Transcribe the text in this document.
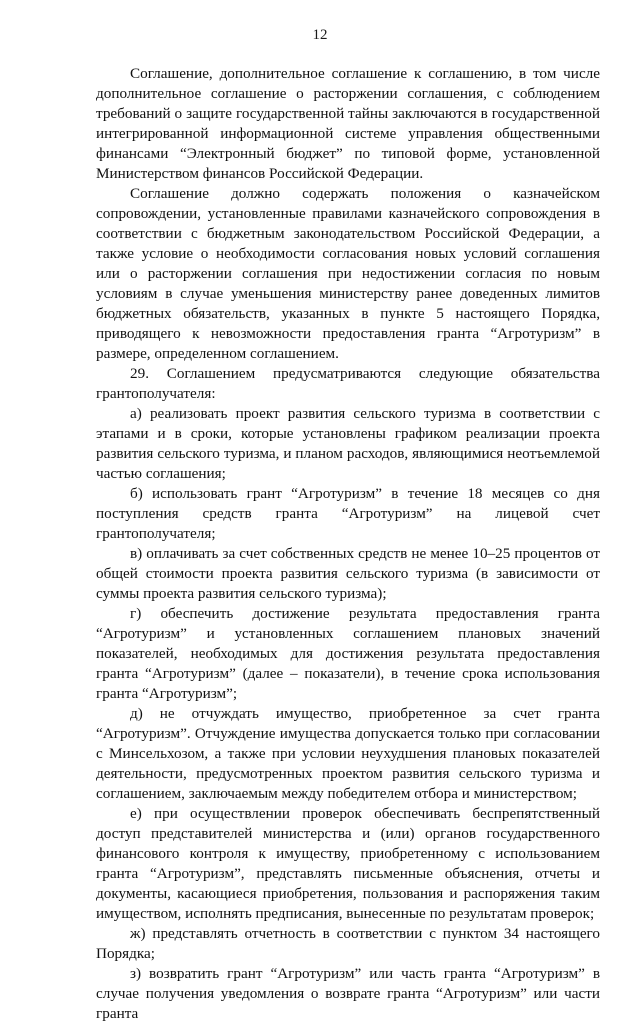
12

Соглашение, дополнительное соглашение к соглашению, в том числе дополнительное соглашение о расторжении соглашения, с соблюдением требований о защите государственной тайны заключаются в государственной интегрированной информационной системе управления общественными финансами “Электронный бюджет” по типовой форме, установленной Министерством финансов Российской Федерации.

Соглашение должно содержать положения о казначейском сопровождении, установленные правилами казначейского сопровождения в соответствии с бюджетным законодательством Российской Федерации, а также условие о необходимости согласования новых условий соглашения или о расторжении соглашения при недостижении согласия по новым условиям в случае уменьшения министерству ранее доведенных лимитов бюджетных обязательств, указанных в пункте 5 настоящего Порядка, приводящего к невозможности предоставления гранта “Агротуризм” в размере, определенном соглашением.

29. Соглашением предусматриваются следующие обязательства грантополучателя:

а) реализовать проект развития сельского туризма в соответствии с этапами и в сроки, которые установлены графиком реализации проекта развития сельского туризма, и планом расходов, являющимися неотъемлемой частью соглашения;

б) использовать грант “Агротуризм” в течение 18 месяцев со дня поступления средств гранта “Агротуризм” на лицевой счет грантополучателя;

в) оплачивать за счет собственных средств не менее 10–25 процентов от общей стоимости проекта развития сельского туризма (в зависимости от суммы проекта развития сельского туризма);

г) обеспечить достижение результата предоставления гранта “Агротуризм” и установленных соглашением плановых значений показателей, необходимых для достижения результата предоставления гранта “Агротуризм” (далее – показатели), в течение срока использования гранта “Агротуризм”;

д) не отчуждать имущество, приобретенное за счет гранта “Агротуризм”. Отчуждение имущества допускается только при согласовании с Минсельхозом, а также при условии неухудшения плановых показателей деятельности, предусмотренных проектом развития сельского туризма и соглашением, заключаемым между победителем отбора и министерством;

е) при осуществлении проверок обеспечивать беспрепятственный доступ представителей министерства и (или) органов государственного финансового контроля к имуществу, приобретенному с использованием гранта “Агротуризм”, представлять письменные объяснения, отчеты и документы, касающиеся приобретения, пользования и распоряжения таким имуществом, исполнять предписания, вынесенные по результатам проверок;

ж) представлять отчетность в соответствии с пунктом 34 настоящего Порядка;

з) возвратить грант “Агротуризм” или часть гранта “Агротуризм” в случае получения уведомления о возврате гранта “Агротуризм” или части гранта
